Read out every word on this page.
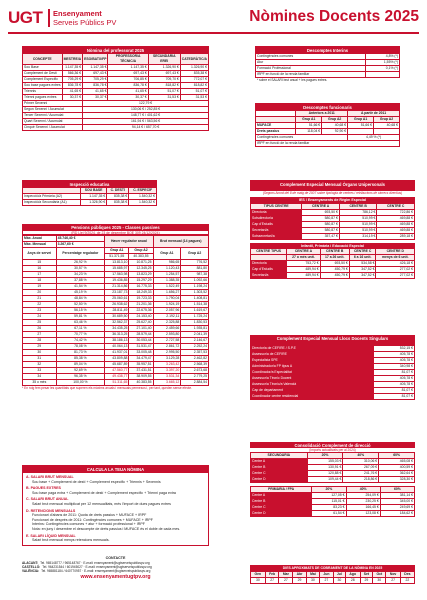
UGT Ensenyament
Serveis Públics PV	Nòmines Docents 2025
Nòmina del professorat 2025
CONCEPTE	MESTRE/A	ESO/BATX/FP	PROFESSOR/A TÈCNIC/A	SECUNDÀRIA EREI	CATEDRÀTIC/A
Sou Base	1.147,35 €	1.147,35 €	1.147,35 €	1.326,90 €	1.326,90 €
Complement de Destí	566,36 €	697,43 €	697,43 €	697,43 €	835,38 €
Complement Específic	705,29 €	705,29 €	706,85 €	709,70 €	772,07 €
Sou base pagues extres	836,78 €	836,78 €	836,78 €	818,82 €	818,82 €
Triennis	41,65 €	41,65 €	41,65 €	51,07 €	51,07 €
Trienni pagues extres	30,37 €	30,37 €	30,37 €	31,53 €	31,53 €
Primer Sexenni		122,79 €			
Segon Sexenni / Acumulat		130,06 € / 252,85 €			
Tercer Sexenni / Acumulat		148,77 € / 401,62 €			
Quart Sexenni / Acumulat		161,94 € / 563,56 €			
Cinquè Sexenni / Acumulat		94,14 € / 657,70 €			
Descomptes Interins
Contingències comunes	4,8% (*)
Atur	1,55% (*)
Formació Professional	0,1% (*)
IRPF en funció de la renda familiar	
* sobre el SALARI brut anual + les pagues extres.
Descomptes funcionaris
	Anteriors a 2011		A partir de 2011	
	Grup A1	Grup A2	Grup A1	Grup A2
MUFACE	51,66 €	40,68 €	51,66 €	40,68 €
Drets passius	118,04 €	92,90 €		
Contingències comunes			4,49 % (*)	
IRPF en funció de la renda familiar				
Inspecció educativa
	SOU BASE	C. DESTÍ	C. ESPECÍF
Inspecció/a Primària (A2)	1.147,35 €	835,38 €	1.540,32 €
Inspecció/a Secundària (A1)	1.326,90 €	835,38 €	1.540,32 €
Pensions públiques 2025 - Classes passives
(RD Llei 9/2024, de 23 de desembre BOE 309 24/12/2024)
Màx. Anual	45.746,40 €	Haver regulador anual		Brut mensual (14 pagues)	
Màx. Mensual	3.267,60 €				
Anys de servei	Percentatge regulador	Grup A1	Grup A2	Grup A1	Grup A2
		51.371,55	40.383,55		
15	26,92 %	13.813,10	10.871,25	986,65	776,52
16	30,57 %	15.685,97	12.345,25	1.120,43	881,80
17	34,23 %	17.563,98	13.823,29	1.254,57	987,38
18	37,88 %	19.436,85	15.297,29	1.388,35	1.092,66
19	41,54 %	21.314,86	16.775,33	1.522,49	1.198,24
20	45,19 %	23.187,73	18.249,33	1.656,27	1.303,52
21	48,84 %	25.060,61	19.723,33	1.790,04	1.408,81
22	52,50 %	26.938,62	21.201,36	1.924,19	1.514,38
23	56,15 %	28.811,49	22.675,36	2.057,96	1.619,67
24	59,81 %	30.689,50	24.153,40	2.192,11	1.725,24
25	63,46 %	32.562,37	25.627,40	2.325,88	1.830,53
26	67,11 %	34.435,25	27.101,40	2.459,66	1.935,81
27	70,77 %	36.313,25	28.579,44	2.593,80	2.041,39
28	74,42 %	38.186,13	30.053,44	2.727,58	2.146,67
29	78,08 %	40.064,13	31.531,47	2.861,72	2.252,24
30	81,73 %	41.937,01	33.005,48	2.995,50	2.357,53
31	85,38 %	43.809,88	34.479,47	3.129,28	2.462,82
32	89,04 %	45.687,89	35.957,51	3.263,42	2.568,39
33	92,69 %	47.560,77	37.431,51	3.397,20	2.673,68
34	96,35 %	49.438,77	38.909,55	3.531,34	2.779,25
35 o més	100,00 %	51.311,65	40.383,55	3.665,12	2.884,54
* En roig fem pesar les quantitats que superen els màxims anuals i mensuals permesos i, per tant, queden sense efecte.
CALCULA LA TEUA NÒMINA
A. SALARI BRUT MENSUAL
Sou base + Complement de destí + Complement específic + Triennis + Sexennis
B. PAGUES EXTRES
Sou base paga extra + Complement de destí + Complement específic + Trienni paga extra
C. SALARI BRUT ANUAL
Salari brut mensual multiplicat per 12 mensualitats, més l'import de dues pagues extres
D. RETENCIONS MENSUALS
Funcionari d'abans de 2011: Quota de drets passius + MUFACE + IRPF
Funcionari de després de 2011: Contingències comunes + MUFACE + IRPF
Interins: Contingències comunes + atur + formació professional + IRPF
Nota: en juny i desembre el descompte de drets passius i MUFACE és el doble de cada mes.
E. SALARI LÍQUID MENSUAL
Salari brut mensual menys retencions mensuals.
CONTACTE
ALACANT: Tel. 965148777 / 965148767 · E-mail: ensenyament@ugtserveispublicspv.org
CASTELLÓ: Tel. 964231544 / 601945027 · E-mail: ensenyament@ugtserveispublicspv.org
VALÈNCIA: Tel. 965881184 / 640770957 · E-mail: ensenyament@ugtserveispublicspv.org
www.ensenyamentugtpv.org
Complement Especial Mensual Òrgans Unipersonals
(Segons Acord del 8 de maig de 2007 sobre tipologia de centres i retribucions de càrrecs directius)
IES / Ensenyaments de Règim Especial
TIPUS CENTRE	CENTRE A	CENTRE B	CENTRE C
Directoria	693,50 €	786,12 €	722,86 €
Sotsdirector/a	580,87 €	510,99 €	469,88 €
Cap d'Estudis	580,87 €	510,99 €	469,88 €
Secretari/a	580,87 €	510,99 €	469,88 €
Sotssecretari/a	357,47 €	314,19 €	289,18 €
Infantil, Primària i Educació Especial
CENTRE TIPUS	CENTRE A	CENTRE B	CENTRE C	CENTRE D
	27 o més unit.	17 a 26 unit.	6 a 16 unit.	menys de 6 unit.
Director/a	753,72 €	693,50 €	534,58 €	426,18 €
Cap d'Estudis	489,94 €	450,79 €	347,52 €	277,02 €
Secretari/a	489,94 €	450,79 €	347,52 €	277,02 €
Complement Especial Mensual Llocs Docents Singulars
Director/a de CEFIRE / S.P.E	532,15 €
Assessor/a de CEFIRE	405,78 €
Especialista SPE	405,78 €
Administrador/a FP tipus A	340,98 €
Coordinador/a Especialitat	81,07 €
Assessor/a Tècnic Docent	405,78 €
Assessor/a Tècnic/a Valencià	405,78 €
Cap de departament	81,07 €
Coordinador centre residencial	81,07 €
Consolidació Complement de direcció
(Imports actualitzats per al 2024)
SECUNDÀRIA	20%	40%	60%
Centre A	155,03 €	310,06 €	465,08 €
Centre B	130,91 €	267,09 €	400,59 €
Centre C	120,88 €	241,76 €	362,64 €
Centre D	109,44 €	218,86 €	328,30 €
PRIMÀRIA / FPA	20%	40%	60%
Centre A	127,05 €	254,09 €	381,14 €
Centre B	115,01 €	230,25 €	345,00 €
Centre C	83,23 €	166,45 €	249,69 €
Centre D	61,54 €	123,08 €	184,62 €
DIES APROXIMATS DE COBRAMENT DE LA NÒMINA EN 2025
Gen	Feb	Mar	Abr	Mai	Jun	Jul	Ago	Set	Oct	Nov	Des
30	27	27	29	30	27	30	28	29	30	27	22
